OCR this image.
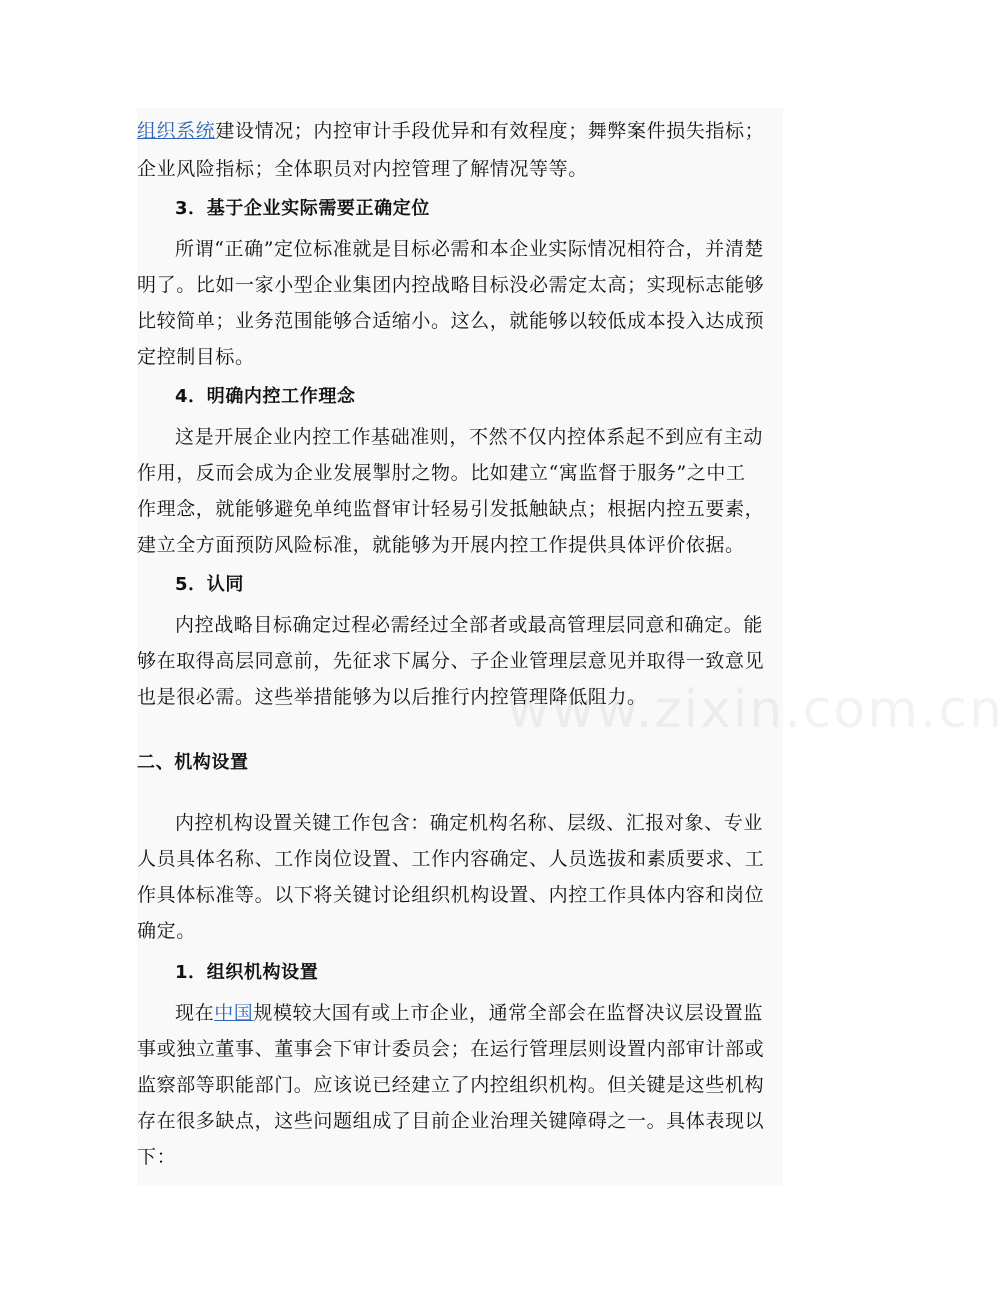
www.zixin.com.cn
组织系统建设情况；内控审计手段优异和有效程度；舞弊案件损失指标；
企业风险指标；全体职员对内控管理了解情况等等。
3．基于企业实际需要正确定位
所谓“正确”定位标准就是目标必需和本企业实际情况相符合，并清楚
明了。比如一家小型企业集团内控战略目标没必需定太高；实现标志能够
比较简单；业务范围能够合适缩小。这么，就能够以较低成本投入达成预
定控制目标。
4．明确内控工作理念
这是开展企业内控工作基础准则，不然不仅内控体系起不到应有主动
作用，反而会成为企业发展掣肘之物。比如建立“寓监督于服务”之中工
作理念，就能够避免单纯监督审计轻易引发抵触缺点；根据内控五要素，
建立全方面预防风险标准，就能够为开展内控工作提供具体评价依据。
5．认同
内控战略目标确定过程必需经过全部者或最高管理层同意和确定。能
够在取得高层同意前，先征求下属分、子企业管理层意见并取得一致意见
也是很必需。这些举措能够为以后推行内控管理降低阻力。
二、机构设置
内控机构设置关键工作包含：确定机构名称、层级、汇报对象、专业
人员具体名称、工作岗位设置、工作内容确定、人员选拔和素质要求、工
作具体标准等。以下将关键讨论组织机构设置、内控工作具体内容和岗位
确定。
1．组织机构设置
现在中国规模较大国有或上市企业，通常全部会在监督决议层设置监
事或独立董事、董事会下审计委员会；在运行管理层则设置内部审计部或
监察部等职能部门。应该说已经建立了内控组织机构。但关键是这些机构
存在很多缺点，这些问题组成了目前企业治理关键障碍之一。具体表现以
下：
